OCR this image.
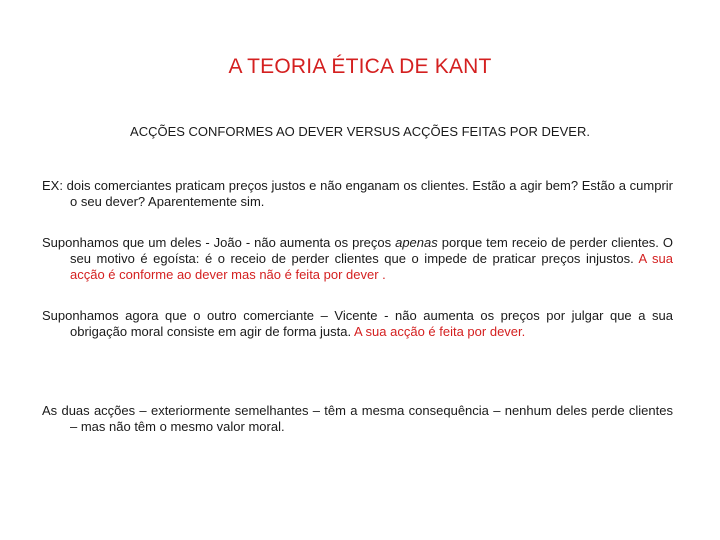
A TEORIA ÉTICA DE KANT
ACÇÕES CONFORMES AO DEVER VERSUS ACÇÕES FEITAS POR DEVER.
EX: dois comerciantes praticam preços justos e não enganam os clientes. Estão a agir bem? Estão a cumprir o seu dever? Aparentemente sim.
Suponhamos que um deles - João - não aumenta os preços apenas porque tem receio de perder clientes. O seu motivo é egoísta: é o receio de perder clientes que o impede de praticar preços injustos. A sua acção é conforme ao dever mas não é feita por dever .
Suponhamos agora que o outro comerciante – Vicente - não aumenta os preços por julgar que a sua obrigação moral consiste em agir de forma justa. A sua acção é feita por dever.
As duas acções – exteriormente semelhantes – têm a mesma consequência – nenhum deles perde clientes – mas não têm o mesmo valor moral.
